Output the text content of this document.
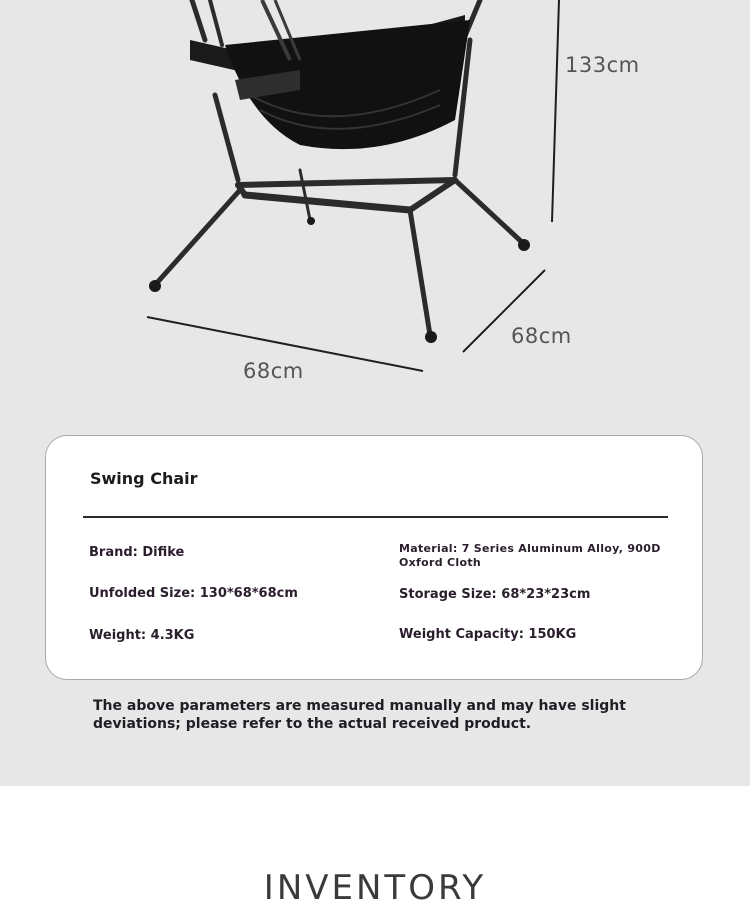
133cm
68cm
68cm
Swing Chair
Brand: Difike	Material: 7 Series Aluminum Alloy, 900D Oxford Cloth
Unfolded Size: 130*68*68cm	Storage Size: 68*23*23cm
Weight: 4.3KG	Weight Capacity: 150KG
The above parameters are measured manually and may have slight deviations; please refer to the actual received product.
INVENTORY
